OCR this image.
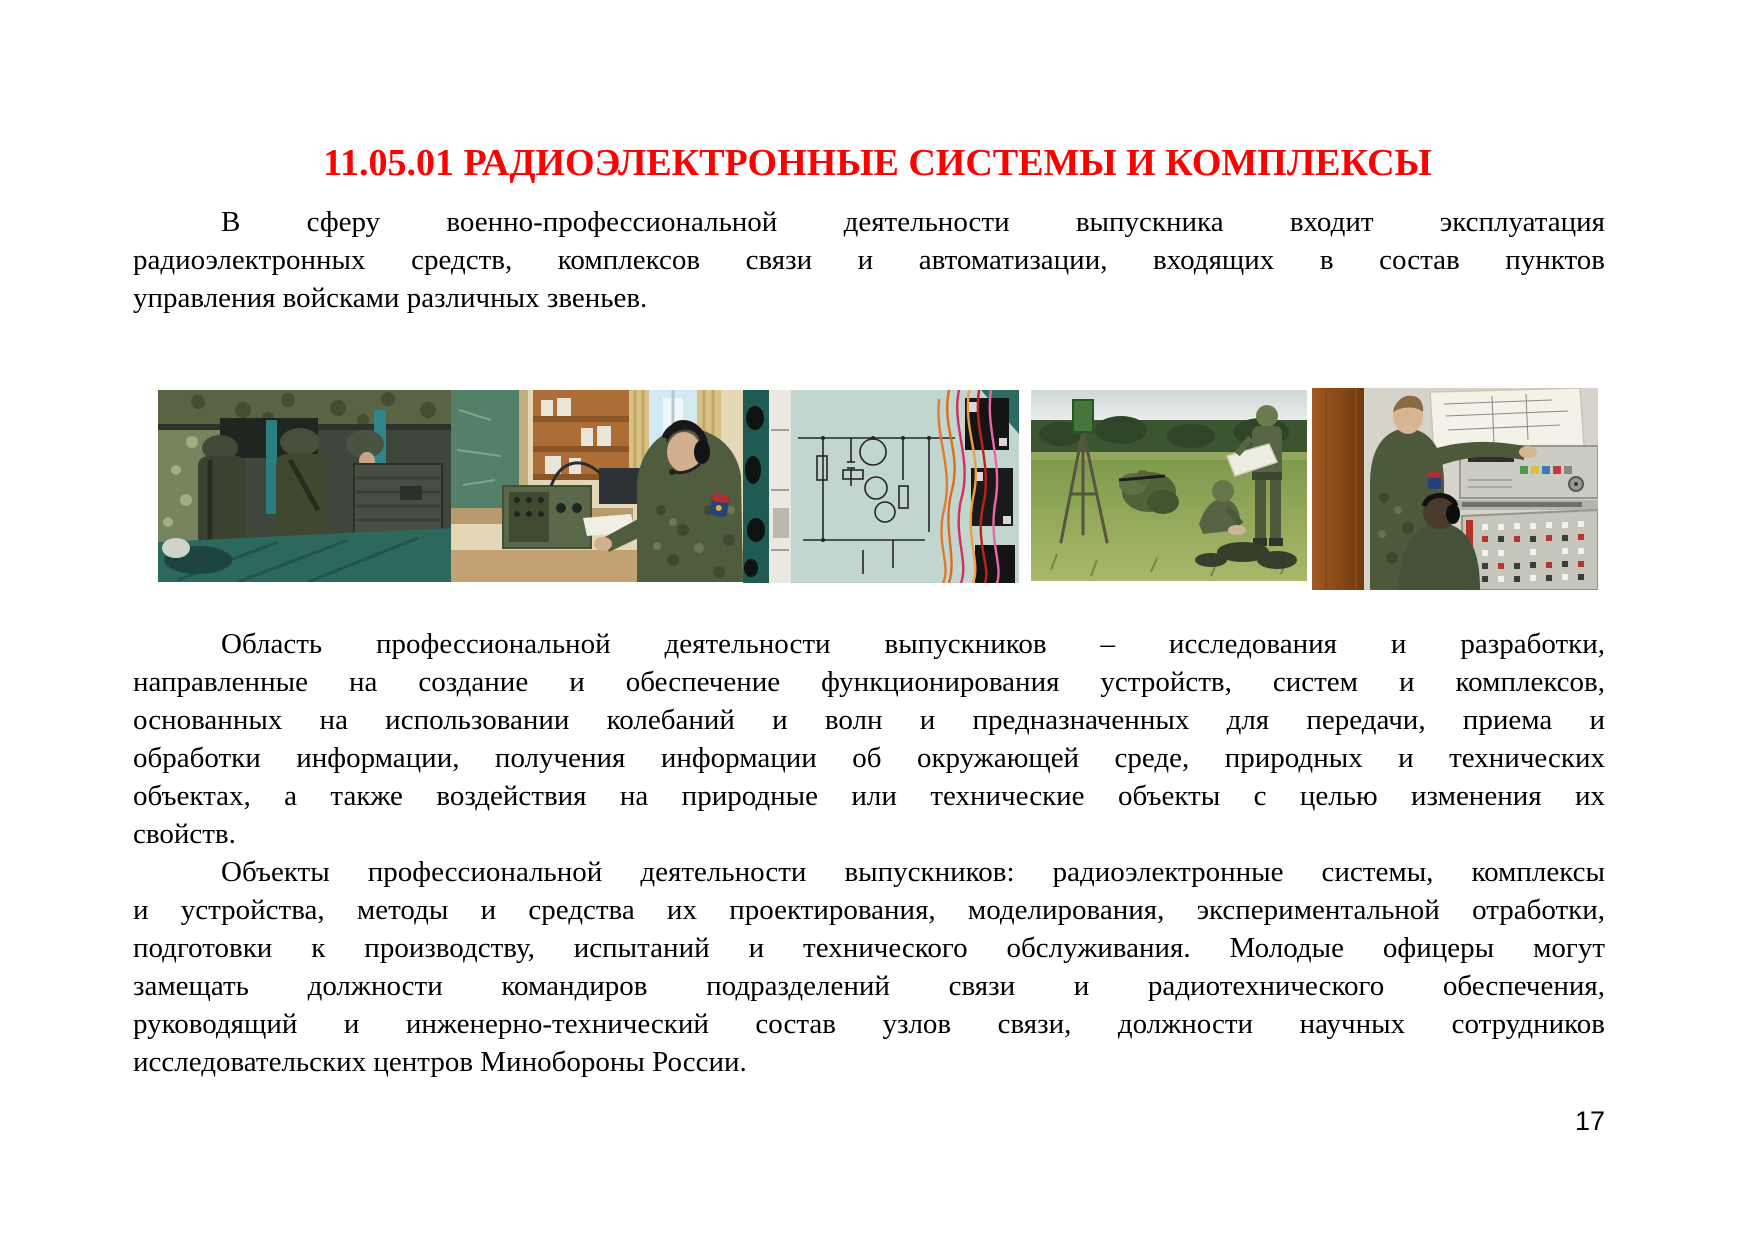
11.05.01 РАДИОЭЛЕКТРОННЫЕ СИСТЕМЫ И КОМПЛЕКСЫ
В сферу военно-профессиональной деятельности выпускника входит эксплуатация
радиоэлектронных средств, комплексов связи и автоматизации, входящих в состав пунктов
управления войсками различных звеньев.
Область профессиональной деятельности выпускников – исследования и разработки,
направленные на создание и обеспечение функционирования устройств, систем и комплексов,
основанных на использовании колебаний и волн и предназначенных для передачи, приема и
обработки информации, получения информации об окружающей среде, природных и технических
объектах, а также воздействия на природные или технические объекты с целью изменения их
свойств.
Объекты профессиональной деятельности выпускников: радиоэлектронные системы, комплексы
и устройства, методы и средства их проектирования, моделирования, экспериментальной отработки,
подготовки к производству, испытаний и технического обслуживания. Молодые офицеры могут
замещать должности командиров подразделений связи и радиотехнического обеспечения,
руководящий и инженерно-технический состав узлов связи, должности научных сотрудников
исследовательских центров Минобороны России.
17
